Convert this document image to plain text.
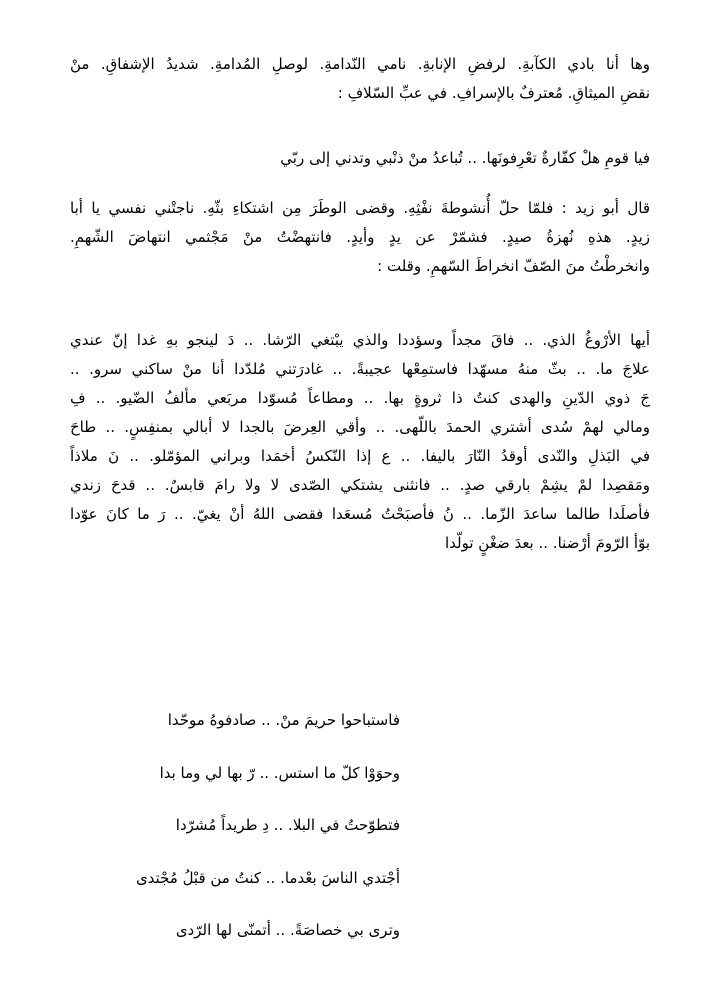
وها أنا بادي الكآبةِ. لرفضِ الإنابةِ. نامي النّدامةِ. لوصلِ المُدامةِ. شديدُ الإشفاقِ. منْ
نقضِ الميثاقِ. مُعترفٌ بالإسرافِ. في عبِّ السّلافِ :

فيا قومِ هلْ كفّارةٌ تعْرِفونَها. .. تُباعدُ منْ ذنْبي وتدني إلى ربّي

قال أبو زيد : فلمّا حلّ أُنشوطةَ نفْثِهِ. وقضى الوطَرَ مِن اشتكاءِ بثّهِ. ناجتْني نفسي يا أبا
زيدٍ. هذهِ نُهزةُ صيدٍ. فشمّرْ عن يدٍ وأيدٍ. فانتهضْتُ منْ مَجْثمي انتهاضَ الشّهمِ.
وانخرطْتُ منَ الصّفّ انخراطَ السّهمِ. وقلت :

أيها الأرْوغُ الذي. .. فاقَ مجداً وسؤددا والذي يبْتغي الرّشا. .. دَ لينجو بهِ غدا إنّ عندي
علاجَ ما. .. بثّ منهُ مسهّدا فاستمِعْها عجيبةً. .. غادرَتني مُلدّدا أنا منْ ساكني سرو. ..
جَ ذوي الدّينِ والهدى كنتُ ذا ثروةٍ بها. .. ومطاعاً مُسوّدا مربَعي مألفُ الضّيو. .. فِ
ومالي لهمْ سُدى أشتري الحمدَ باللّهى. .. وأقي العِرضَ بالجدا لا أبالي بمنفِسٍ. .. طاحَ
في البَذلِ والنّدى أوقدُ النّارَ باليفا. .. ع إذا النّكسُ أخمَدا وبراني المؤمّلو. .. نَ ملاذاً
ومَقصِدا لمْ يشِمْ بارقي صدٍ. .. فانثنى يشتكي الصّدى لا ولا رامَ قابسٌ. .. قدحَ زندي
فأصلَدا طالما ساعدَ الزّما. .. نُ فأصبَحْتُ مُسعَدا فقضى اللهُ أنْ يغيّ. .. رَ ما كانَ عوّدا
بوّأ الرّومَ أرْضنا. .. بعدَ ضغْنٍ تولّدا

فاستباحوا حريمَ منْ. .. صادفوهُ موحّدا

وحوَوْا كلّ ما استس. .. رّ بها لي وما بدا

فتطوّحتُ في البلا. .. دِ طريداً مُشرّدا

أجْتدي الناسَ بعْدما. .. كنتُ من قبْلُ مُجْتدى

وترى بي خصاصَةً. .. أتمنّى لها الرّدى
